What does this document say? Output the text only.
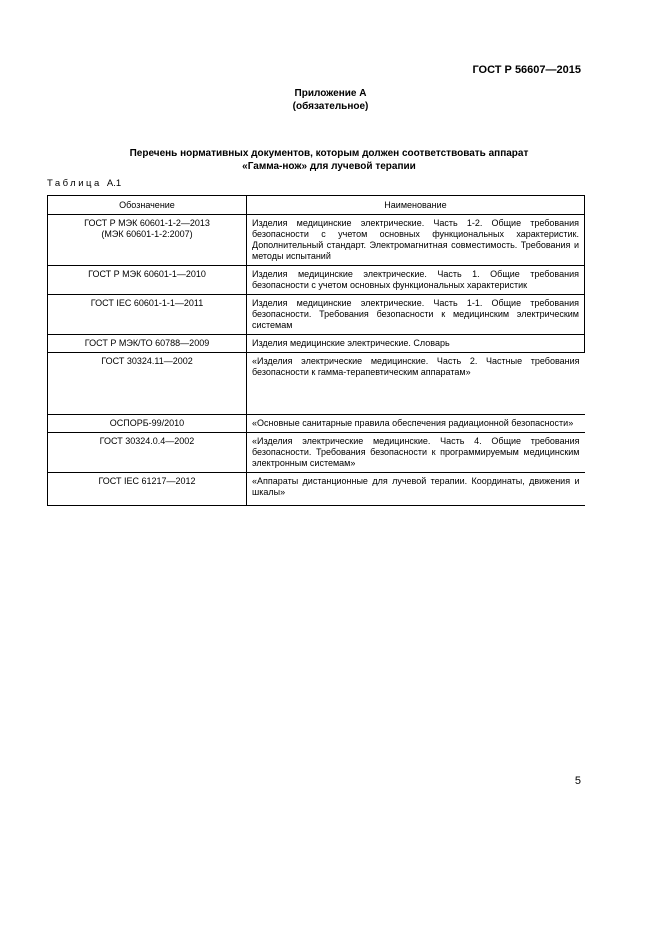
ГОСТ Р 56607—2015
Приложение А
(обязательное)
Перечень нормативных документов, которым должен соответствовать аппарат
«Гамма-нож» для лучевой терапии
Таблица А.1
Обозначение	Наименование

ГОСТ Р МЭК 60601-1-2—2013
(МЭК 60601-1-2:2007)	Изделия медицинские электрические. Часть 1-2. Общие требования безопасности с учетом основных функциональных характеристик. Дополнительный стандарт. Электромагнитная совместимость. Требования и методы испытаний
ГОСТ Р МЭК 60601-1—2010	Изделия медицинские электрические. Часть 1. Общие требования безопасности с учетом основных функциональных характеристик
ГОСТ IEC 60601-1-1—2011	Изделия медицинские электрические. Часть 1-1. Общие требования безопасности. Требования безопасности к медицинским электрическим системам
ГОСТ Р МЭК/ТО 60788—2009	Изделия медицинские электрические. Словарь
ГОСТ 30324.11—2002	«Изделия электрические медицинские. Часть 2. Частные требования безопасности к гамма-терапевтическим аппаратам»
ОСПОРБ-99/2010	«Основные санитарные правила обеспечения радиационной безопасности»
ГОСТ 30324.0.4—2002	«Изделия электрические медицинские. Часть 4. Общие требования безопасности. Требования безопасности к программируемым медицинским электронным системам»
ГОСТ IEC 61217—2012	«Аппараты дистанционные для лучевой терапии. Координаты, движения и шкалы»
5
